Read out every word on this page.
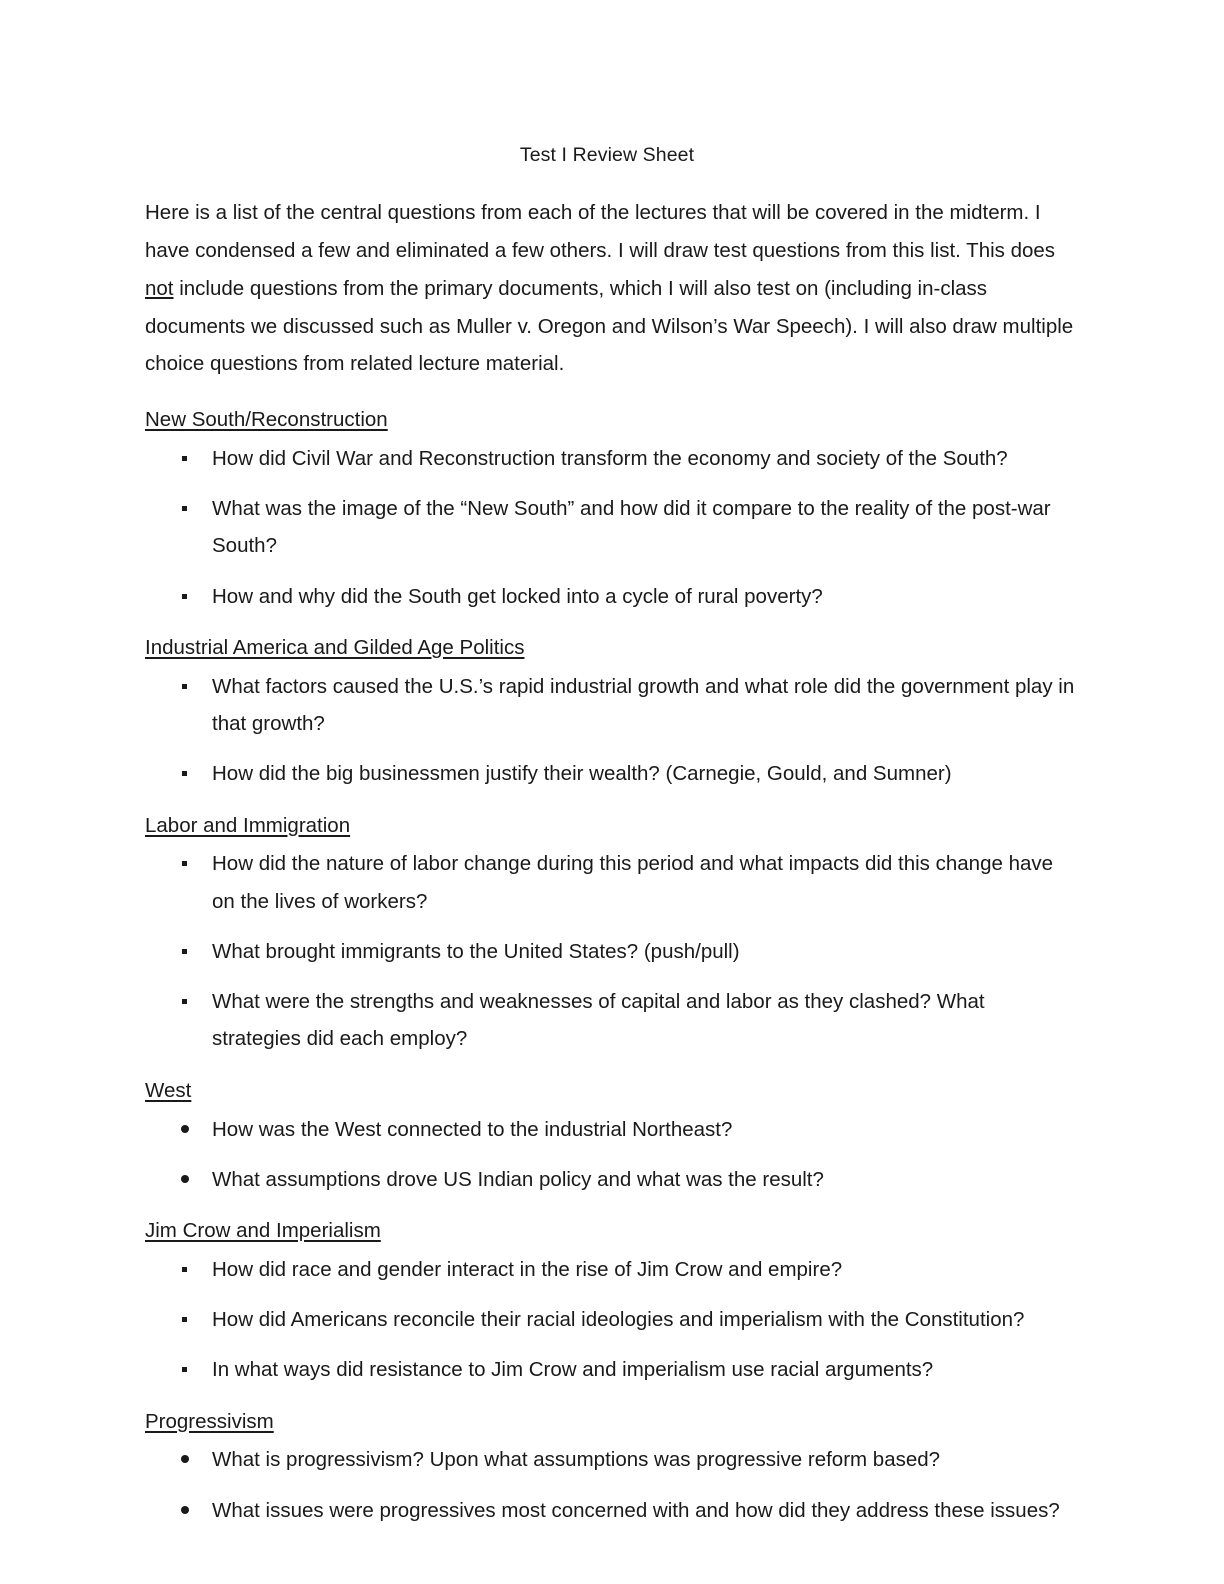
Test I Review Sheet

Here is a list of the central questions from each of the lectures that will be covered in the midterm. I have condensed a few and eliminated a few others. I will draw test questions from this list. This does not include questions from the primary documents, which I will also test on (including in-class documents we discussed such as Muller v. Oregon and Wilson’s War Speech). I will also draw multiple choice questions from related lecture material.

New South/Reconstruction
How did Civil War and Reconstruction transform the economy and society of the South?
What was the image of the “New South” and how did it compare to the reality of the post-war South?
How and why did the South get locked into a cycle of rural poverty?
Industrial America and Gilded Age Politics
What factors caused the U.S.’s rapid industrial growth and what role did the government play in that growth?
How did the big businessmen justify their wealth? (Carnegie, Gould, and Sumner)
Labor and Immigration
How did the nature of labor change during this period and what impacts did this change have on the lives of workers?
What brought immigrants to the United States? (push/pull)
What were the strengths and weaknesses of capital and labor as they clashed? What strategies did each employ?
West
How was the West connected to the industrial Northeast?
What assumptions drove US Indian policy and what was the result?
Jim Crow and Imperialism
How did race and gender interact in the rise of Jim Crow and empire?
How did Americans reconcile their racial ideologies and imperialism with the Constitution?
In what ways did resistance to Jim Crow and imperialism use racial arguments?
Progressivism
What is progressivism? Upon what assumptions was progressive reform based?
What issues were progressives most concerned with and how did they address these issues?
